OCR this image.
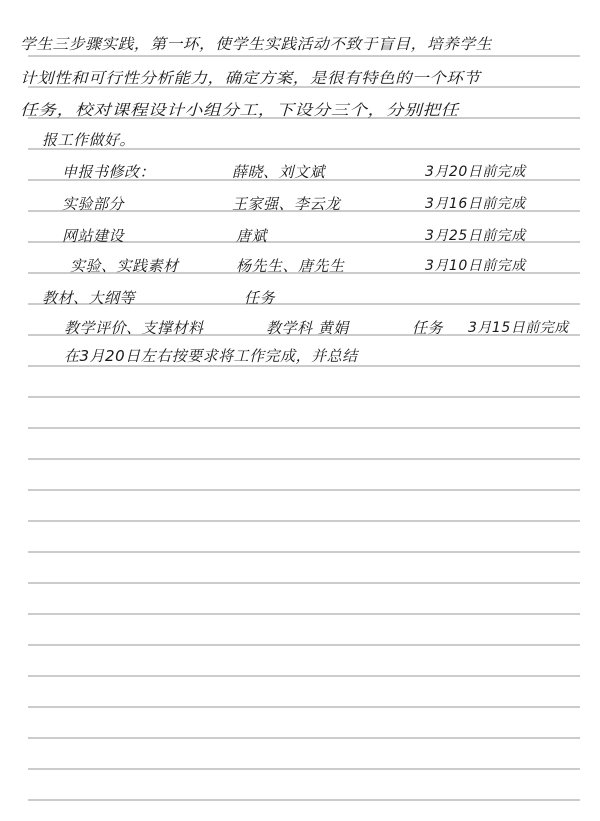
学生三步骤实践，第一环，使学生实践活动不致于盲目，培养学生
计划性和可行性分析能力，确定方案，是很有特色的一个环节
任务，校对课程设计小组分工，下设分三个，分别把任
报工作做好。
申报书修改：	薛晓、刘文斌	3月20日前完成
实验部分	王家强、李云龙	3月16日前完成
网站建设	唐斌	3月25日前完成
实验、实践素材	杨先生、唐先生	3月10日前完成
教材、大纲等	任务
教学评价、支撑材料	教学科 黄娟	任务 3月15日前完成
在3月20日左右按要求将工作完成，并总结
